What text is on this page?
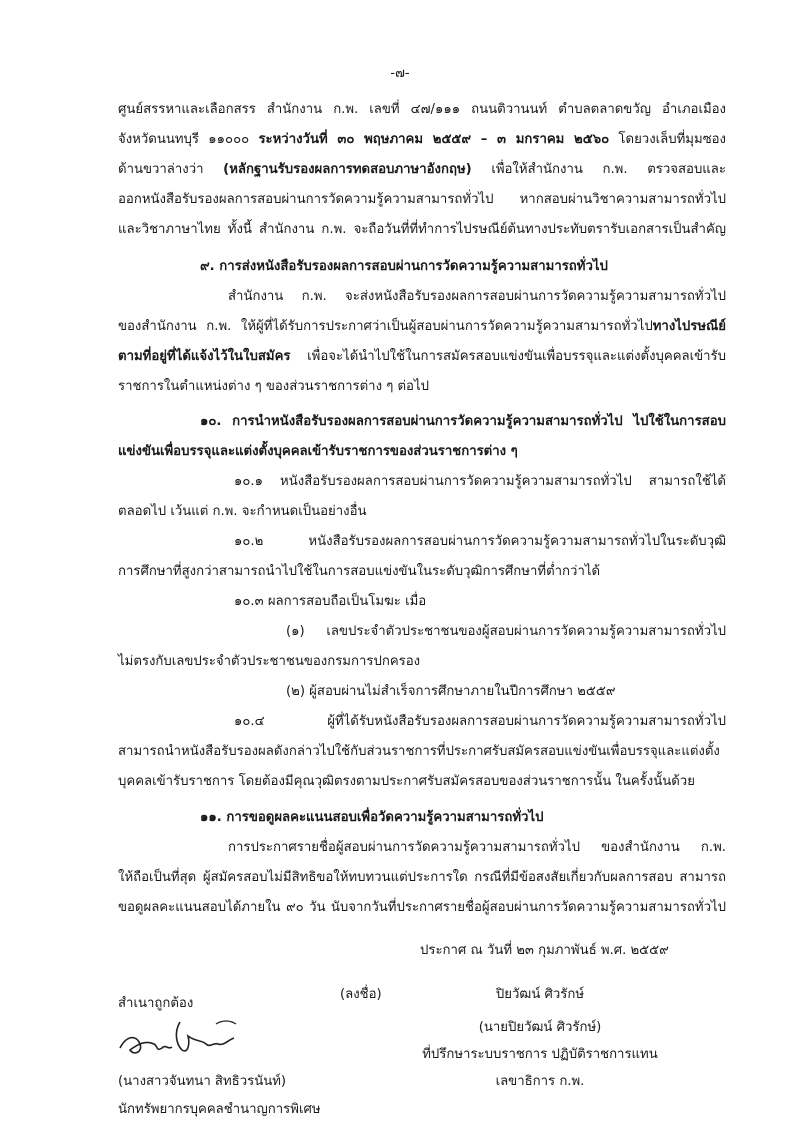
-๗-
ศูนย์สรรหาและเลือกสรร สำนักงาน ก.พ. เลขที่ ๔๗/๑๑๑ ถนนติวานนท์ ตำบลตลาดขวัญ อำเภอเมือง
จังหวัดนนทบุรี ๑๑๐๐๐ ระหว่างวันที่ ๓๐ พฤษภาคม ๒๕๕๙ – ๓ มกราคม ๒๕๖๐ โดยวงเล็บที่มุมซอง
ด้านขวาล่างว่า (หลักฐานรับรองผลการทดสอบภาษาอังกฤษ) เพื่อให้สำนักงาน ก.พ. ตรวจสอบและ
ออกหนังสือรับรองผลการสอบผ่านการวัดความรู้ความสามารถทั่วไป หากสอบผ่านวิชาความสามารถทั่วไป
และวิชาภาษาไทย ทั้งนี้ สำนักงาน ก.พ. จะถือวันที่ที่ทำการไปรษณีย์ต้นทางประทับตรารับเอกสารเป็นสำคัญ
๙. การส่งหนังสือรับรองผลการสอบผ่านการวัดความรู้ความสามารถทั่วไป
สำนักงาน ก.พ. จะส่งหนังสือรับรองผลการสอบผ่านการวัดความรู้ความสามารถทั่วไป
ของสำนักงาน ก.พ. ให้ผู้ที่ได้รับการประกาศว่าเป็นผู้สอบผ่านการวัดความรู้ความสามารถทั่วไปทางไปรษณีย์
ตามที่อยู่ที่ได้แจ้งไว้ในใบสมัคร เพื่อจะได้นำไปใช้ในการสมัครสอบแข่งขันเพื่อบรรจุและแต่งตั้งบุคคลเข้ารับ
ราชการในตำแหน่งต่าง ๆ ของส่วนราชการต่าง ๆ ต่อไป
๑๐. การนำหนังสือรับรองผลการสอบผ่านการวัดความรู้ความสามารถทั่วไป ไปใช้ในการสอบ
แข่งขันเพื่อบรรจุและแต่งตั้งบุคคลเข้ารับราชการของส่วนราชการต่าง ๆ
๑๐.๑ หนังสือรับรองผลการสอบผ่านการวัดความรู้ความสามารถทั่วไป สามารถใช้ได้
ตลอดไป เว้นแต่ ก.พ. จะกำหนดเป็นอย่างอื่น
๑๐.๒ หนังสือรับรองผลการสอบผ่านการวัดความรู้ความสามารถทั่วไปในระดับวุฒิ
การศึกษาที่สูงกว่าสามารถนำไปใช้ในการสอบแข่งขันในระดับวุฒิการศึกษาที่ต่ำกว่าได้
๑๐.๓ ผลการสอบถือเป็นโมฆะ เมื่อ
(๑) เลขประจำตัวประชาชนของผู้สอบผ่านการวัดความรู้ความสามารถทั่วไป
ไม่ตรงกับเลขประจำตัวประชาชนของกรมการปกครอง
(๒) ผู้สอบผ่านไม่สำเร็จการศึกษาภายในปีการศึกษา ๒๕๕๙
๑๐.๔ ผู้ที่ได้รับหนังสือรับรองผลการสอบผ่านการวัดความรู้ความสามารถทั่วไป
สามารถนำหนังสือรับรองผลดังกล่าวไปใช้กับส่วนราชการที่ประกาศรับสมัครสอบแข่งขันเพื่อบรรจุและแต่งตั้ง
บุคคลเข้ารับราชการ โดยต้องมีคุณวุฒิตรงตามประกาศรับสมัครสอบของส่วนราชการนั้น ในครั้งนั้นด้วย
๑๑. การขอดูผลคะแนนสอบเพื่อวัดความรู้ความสามารถทั่วไป
การประกาศรายชื่อผู้สอบผ่านการวัดความรู้ความสามารถทั่วไป ของสำนักงาน ก.พ.
ให้ถือเป็นที่สุด ผู้สมัครสอบไม่มีสิทธิขอให้ทบทวนแต่ประการใด กรณีที่มีข้อสงสัยเกี่ยวกับผลการสอบ สามารถ
ขอดูผลคะแนนสอบได้ภายใน ๙๐ วัน นับจากวันที่ประกาศรายชื่อผู้สอบผ่านการวัดความรู้ความสามารถทั่วไป
ประกาศ ณ วันที่ ๒๓ กุมภาพันธ์ พ.ศ. ๒๕๕๙
(ลงชื่อ)	ปิยวัฒน์ ศิวรักษ์
(นายปิยวัฒน์ ศิวรักษ์)
ที่ปรึกษาระบบราชการ ปฏิบัติราชการแทน
เลขาธิการ ก.พ.
สำเนาถูกต้อง
(นางสาวจันทนา สิทธิวรนันท์)
นักทรัพยากรบุคคลชำนาญการพิเศษ
